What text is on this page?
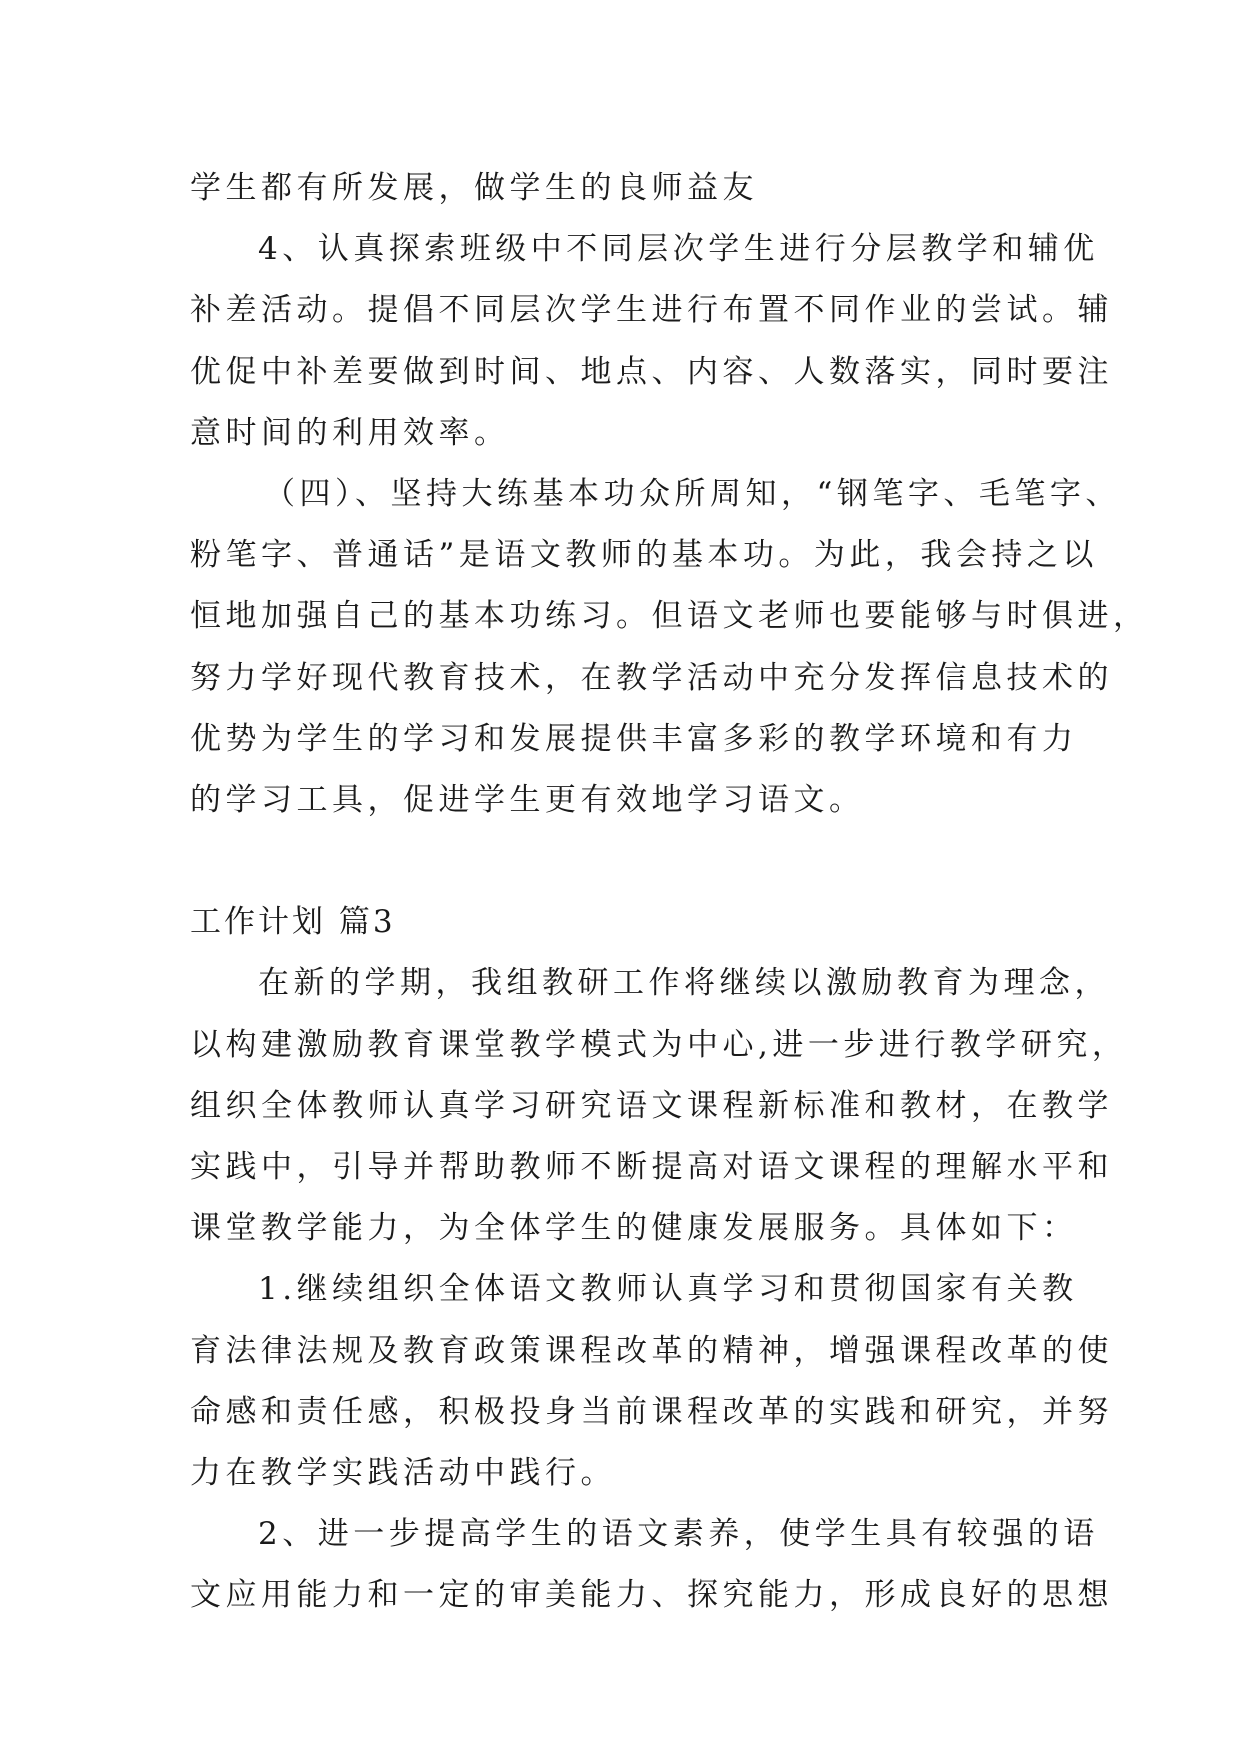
学生都有所发展，做学生的良师益友
4、认真探索班级中不同层次学生进行分层教学和辅优
补差活动。提倡不同层次学生进行布置不同作业的尝试。辅
优促中补差要做到时间、地点、内容、人数落实，同时要注
意时间的利用效率。
（四）、坚持大练基本功众所周知，“钢笔字、毛笔字、
粉笔字、普通话”是语文教师的基本功。为此，我会持之以
恒地加强自己的基本功练习。但语文老师也要能够与时俱进，
努力学好现代教育技术，在教学活动中充分发挥信息技术的
优势为学生的学习和发展提供丰富多彩的教学环境和有力
的学习工具，促进学生更有效地学习语文。
工作计划 篇3
在新的学期，我组教研工作将继续以激励教育为理念，
以构建激励教育课堂教学模式为中心,进一步进行教学研究，
组织全体教师认真学习研究语文课程新标准和教材，在教学
实践中，引导并帮助教师不断提高对语文课程的理解水平和
课堂教学能力，为全体学生的健康发展服务。具体如下：
1.继续组织全体语文教师认真学习和贯彻国家有关教
育法律法规及教育政策课程改革的精神，增强课程改革的使
命感和责任感，积极投身当前课程改革的实践和研究，并努
力在教学实践活动中践行。
2、进一步提高学生的语文素养，使学生具有较强的语
文应用能力和一定的审美能力、探究能力，形成良好的思想
